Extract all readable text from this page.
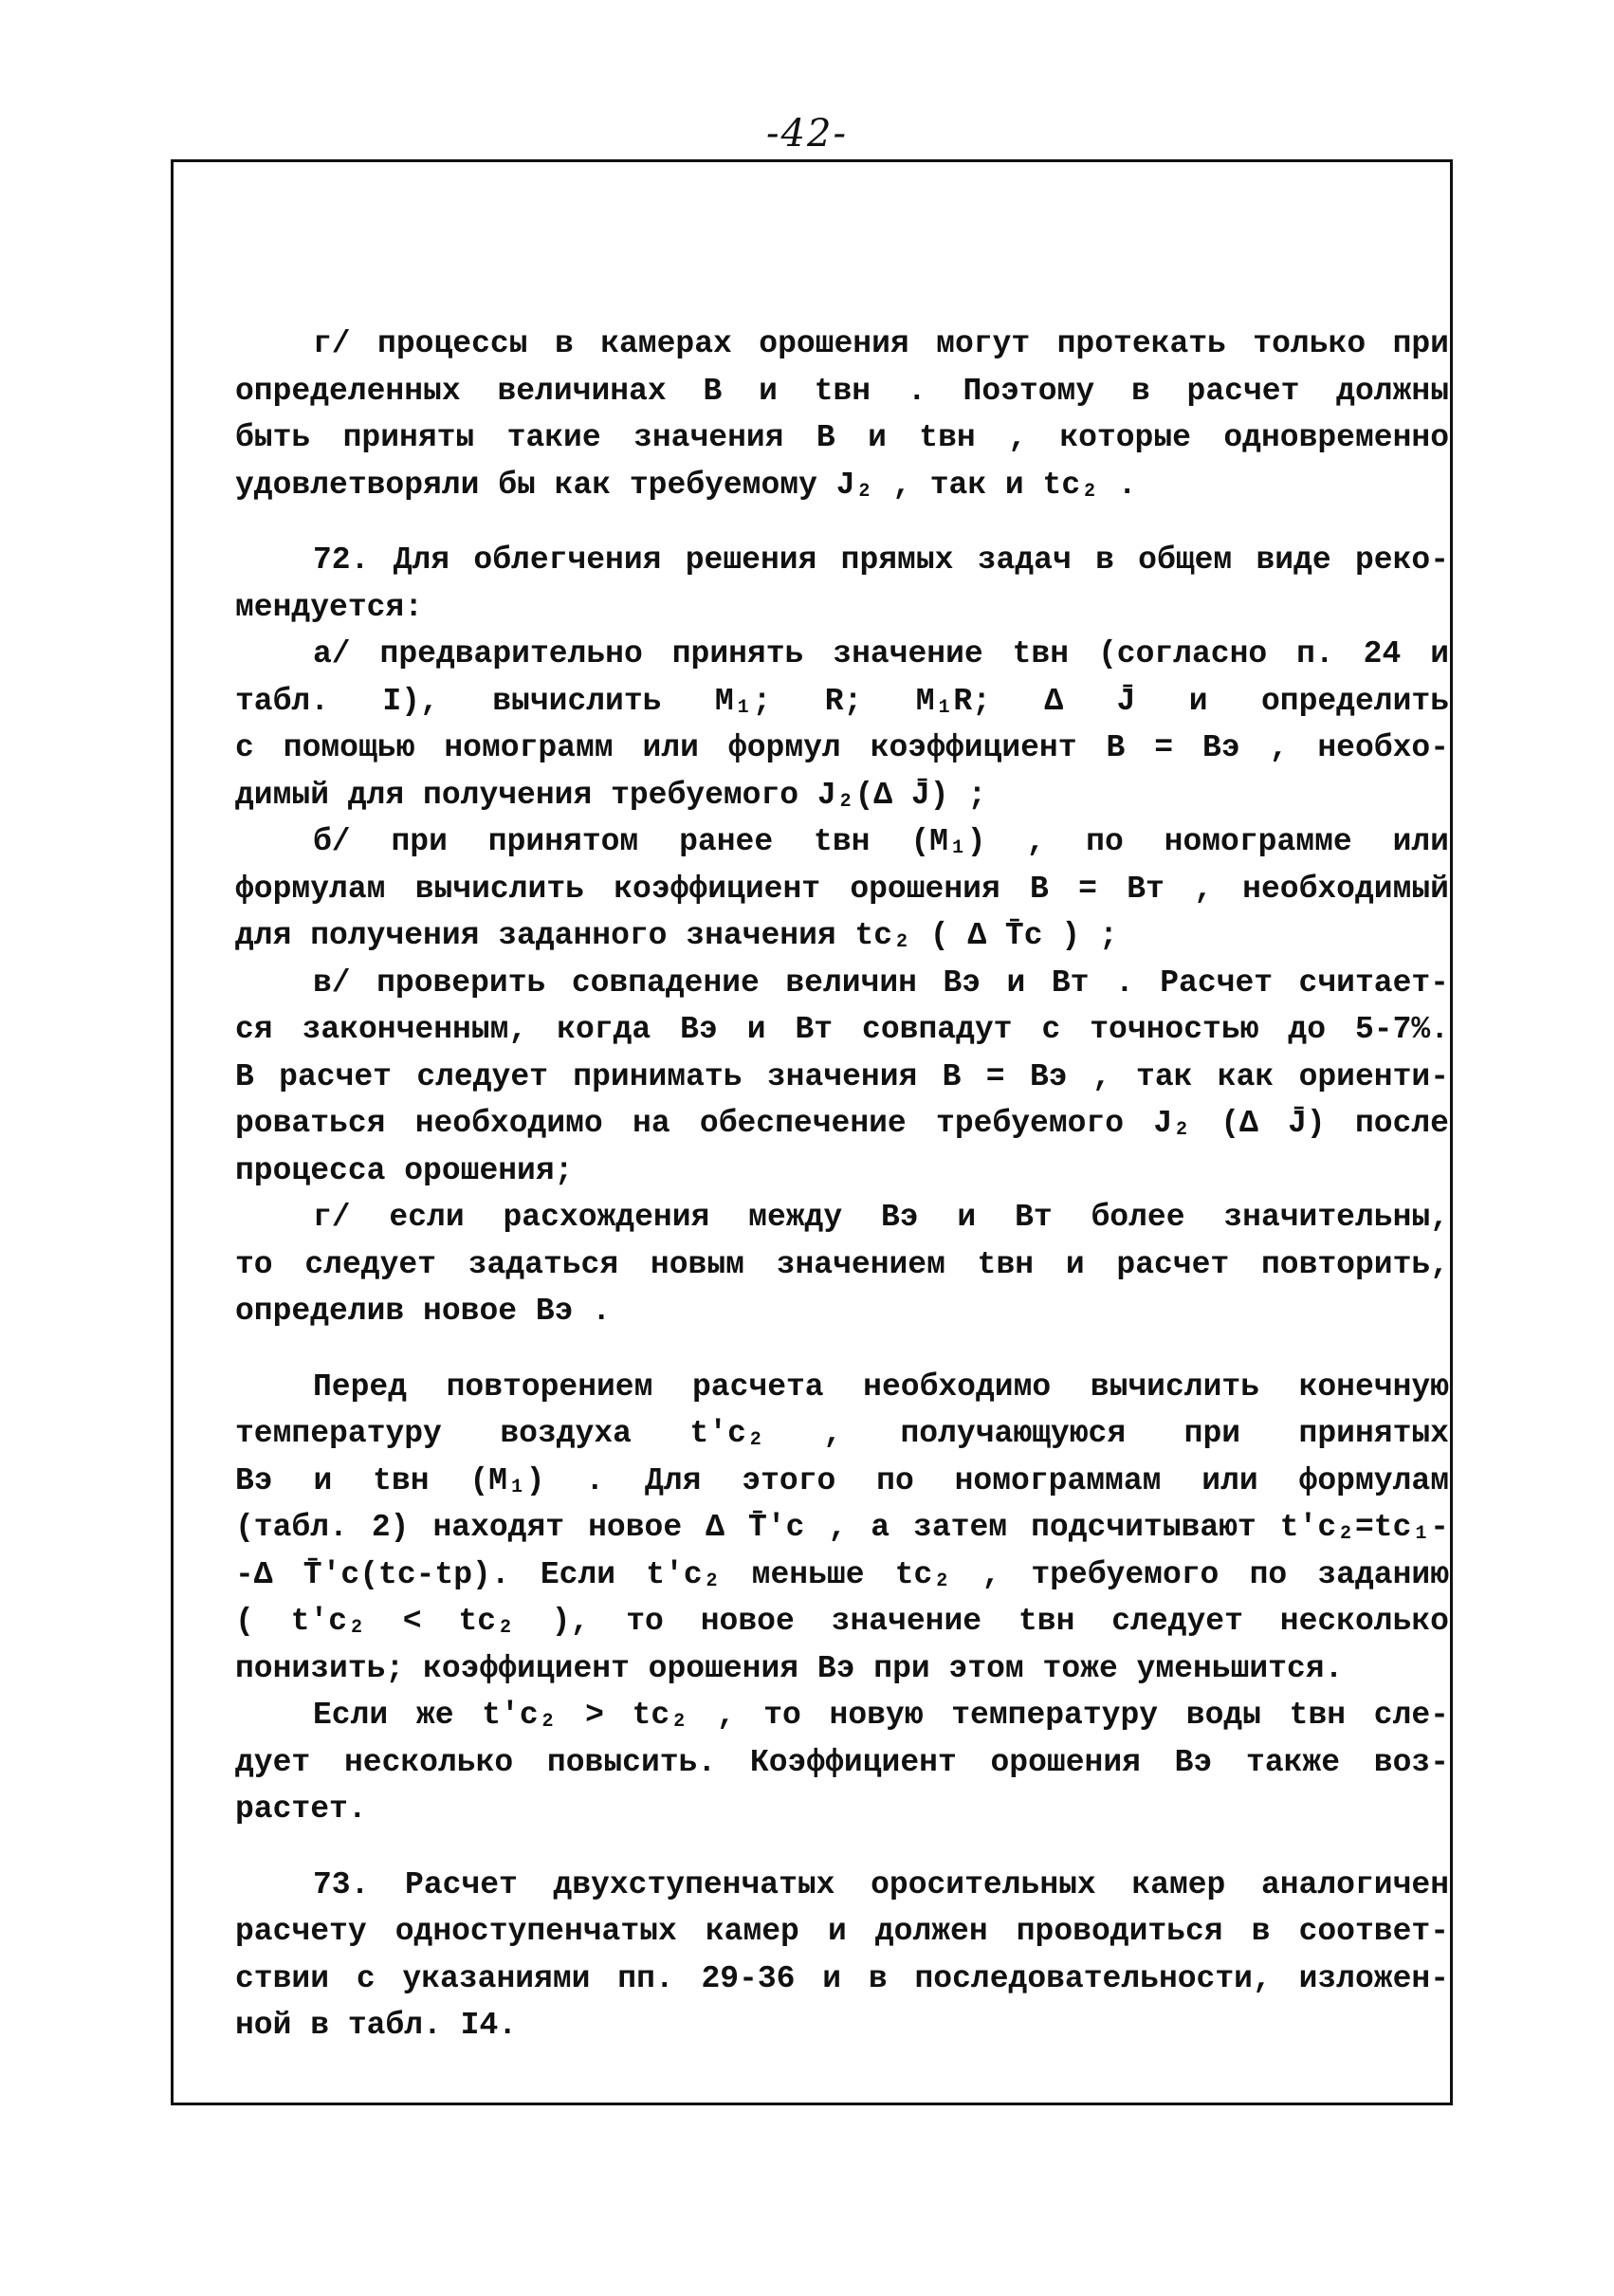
-42-

г/ процессы в камерах орошения могут протекать только при
определенных величинах В и tвн . Поэтому в расчет должны
быть приняты такие значения В и tвн , которые одновременно
удовлетворяли бы как требуемому J₂ , так и tс₂ .

72. Для облегчения решения прямых задач в общем виде реко-
мендуется:

а/ предварительно принять значение tвн (согласно п. 24 и
табл. I), вычислить М₁; R; М₁R; Δ J̄ и определить
с помощью номограмм или формул коэффициент В = Вэ , необхо-
димый для получения требуемого J₂(Δ J̄) ;

б/ при принятом ранее tвн (М₁) , по номограмме или
формулам вычислить коэффициент орошения В = Вт , необходимый
для получения заданного значения tс₂ ( Δ T̄с ) ;

в/ проверить совпадение величин Вэ и Вт . Расчет считает-
ся законченным, когда Вэ и Вт совпадут с точностью до 5-7%.
В расчет следует принимать значения В = Вэ , так как ориенти-
роваться необходимо на обеспечение требуемого J₂ (Δ J̄) после
процесса орошения;

г/ если расхождения между Вэ и Вт более значительны,
то следует задаться новым значением tвн и расчет повторить,
определив новое Вэ .

Перед повторением расчета необходимо вычислить конечную
температуру воздуха t'с₂ , получающуюся при принятых
Вэ и tвн (М₁) . Для этого по номограммам или формулам
(табл. 2) находят новое Δ T̄'с , а затем подсчитывают t'с₂=tс₁-
-Δ T̄'с(tс-tр). Если t'с₂ меньше tс₂ , требуемого по заданию
( t'с₂ < tс₂ ), то новое значение tвн следует несколько
понизить; коэффициент орошения Вэ при этом тоже уменьшится.

Если же t'с₂ > tс₂ , то новую температуру воды tвн сле-
дует несколько повысить. Коэффициент орошения Вэ также воз-
растет.

73. Расчет двухступенчатых оросительных камер аналогичен
расчету одноступенчатых камер и должен проводиться в соответ-
ствии с указаниями пп. 29-36 и в последовательности, изложен-
ной в табл. I4.
